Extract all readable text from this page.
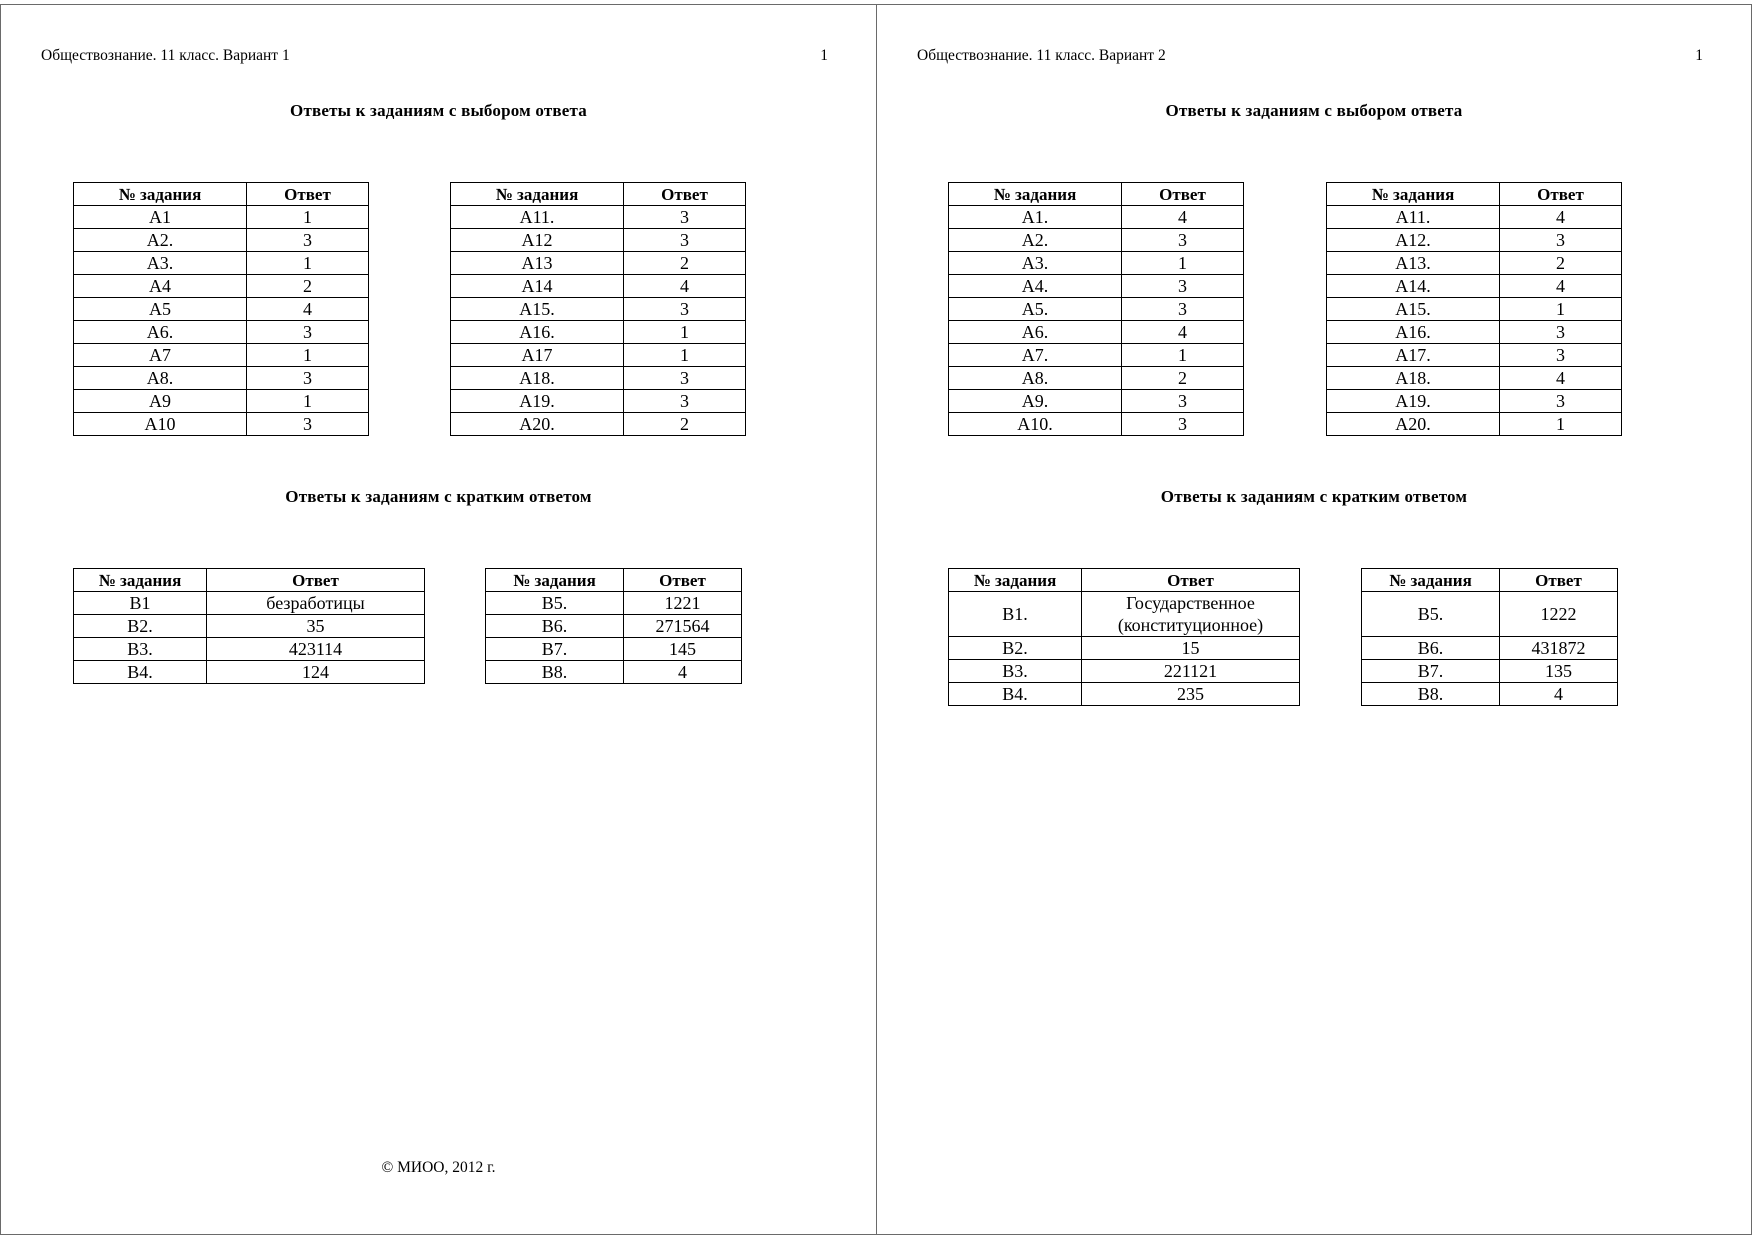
Обществознание. 11 класс. Вариант 1	1
Ответы к заданиям с выбором ответа
№ задания	Ответ
А1	1
А2.	3
А3.	1
А4	2
А5	4
А6.	3
А7	1
А8.	3
А9	1
А10	3
№ задания	Ответ
А11.	3
А12	3
А13	2
А14	4
А15.	3
А16.	1
А17	1
А18.	3
А19.	3
А20.	2
Ответы к заданиям с кратким ответом
№ задания	Ответ
В1	безработицы
В2.	35
В3.	423114
В4.	124
№ задания	Ответ
В5.	1221
В6.	271564
В7.	145
В8.	4
© МИОО, 2012 г.
Обществознание. 11 класс. Вариант 2	1
Ответы к заданиям с выбором ответа
№ задания	Ответ
А1.	4
А2.	3
А3.	1
А4.	3
А5.	3
А6.	4
А7.	1
А8.	2
А9.	3
А10.	3
№ задания	Ответ
А11.	4
А12.	3
А13.	2
А14.	4
А15.	1
А16.	3
А17.	3
А18.	4
А19.	3
А20.	1
Ответы к заданиям с кратким ответом
№ задания	Ответ
В1.	Государственное (конституционное)
В2.	15
В3.	221121
В4.	235
№ задания	Ответ
В5.	1222
В6.	431872
В7.	135
В8.	4
